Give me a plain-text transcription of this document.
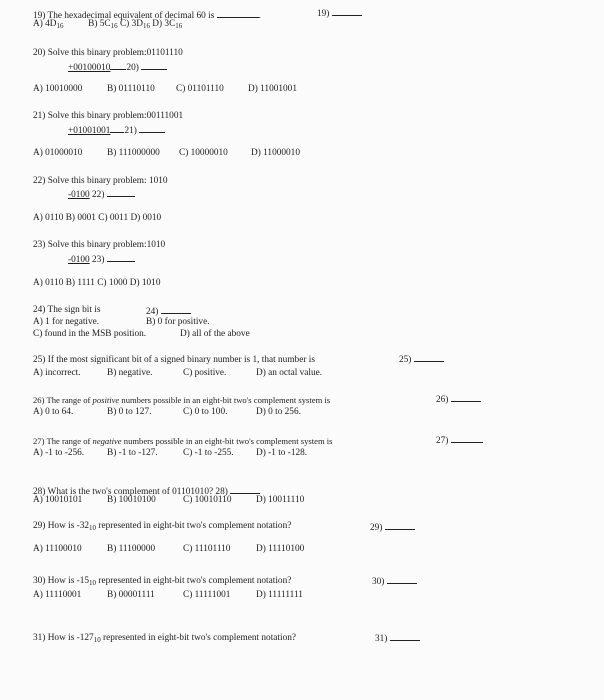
19) The hexadecimal equivalent of decimal 60 is	.	19)
A) $4D_{16}$	B) $5C_{16}$ C) $3D_{16}$ D) $3C_{16}$
20) Solve this binary problem:01101110
+00100010 20)
A) 10010000	B) 01110110 C) 01101110	D) 11001001
21) Solve this binary problem:00111001
+01001001 21)
A) 01000010	B) 111000000 C) 10000010 D) 11000010
22) Solve this binary problem: 1010
-0100 22)
A) 0110 B) 0001 C) 0011 D) 0010
23) Solve this binary problem:1010
-0100 23)
A) 0110 B) 1111 C) 1000 D) 1010
24) The sign bit is	24)
A) 1 for negative.	B) 0 for positive.
C) found in the MSB position.	D) all of the above
25) If the most significant bit of a signed binary number is 1, that number is	25)
A) incorrect.	B) negative.	C) positive.	D) an octal value.
26) The range of positive numbers possible in an eight-bit two's complement system is	26)
A) 0 to 64.	B) 0 to 127.	C) 0 to 100.	D) 0 to 256.
27) The range of negative numbers possible in an eight-bit two's complement system is	27)
A) -1 to -256. B) -1 to -127.	C) -1 to -255. D) -1 to -128.
28) What is the two's complement of 01101010? 28)
A) 10010101	B) 10010100	C) 10010110	D) 10011110
29) How is $-32_{10}$ represented in eight-bit two's complement notation?	29)
A) 11100010	B) 11100000	C) 11101110	D) 11110100
30) How is $-15_{10}$ represented in eight-bit two's complement notation?	30)
A) 11110001	B) 00001111	C) 11111001	D) 11111111
31) How is $-127_{10}$ represented in eight-bit two's complement notation?	31)
